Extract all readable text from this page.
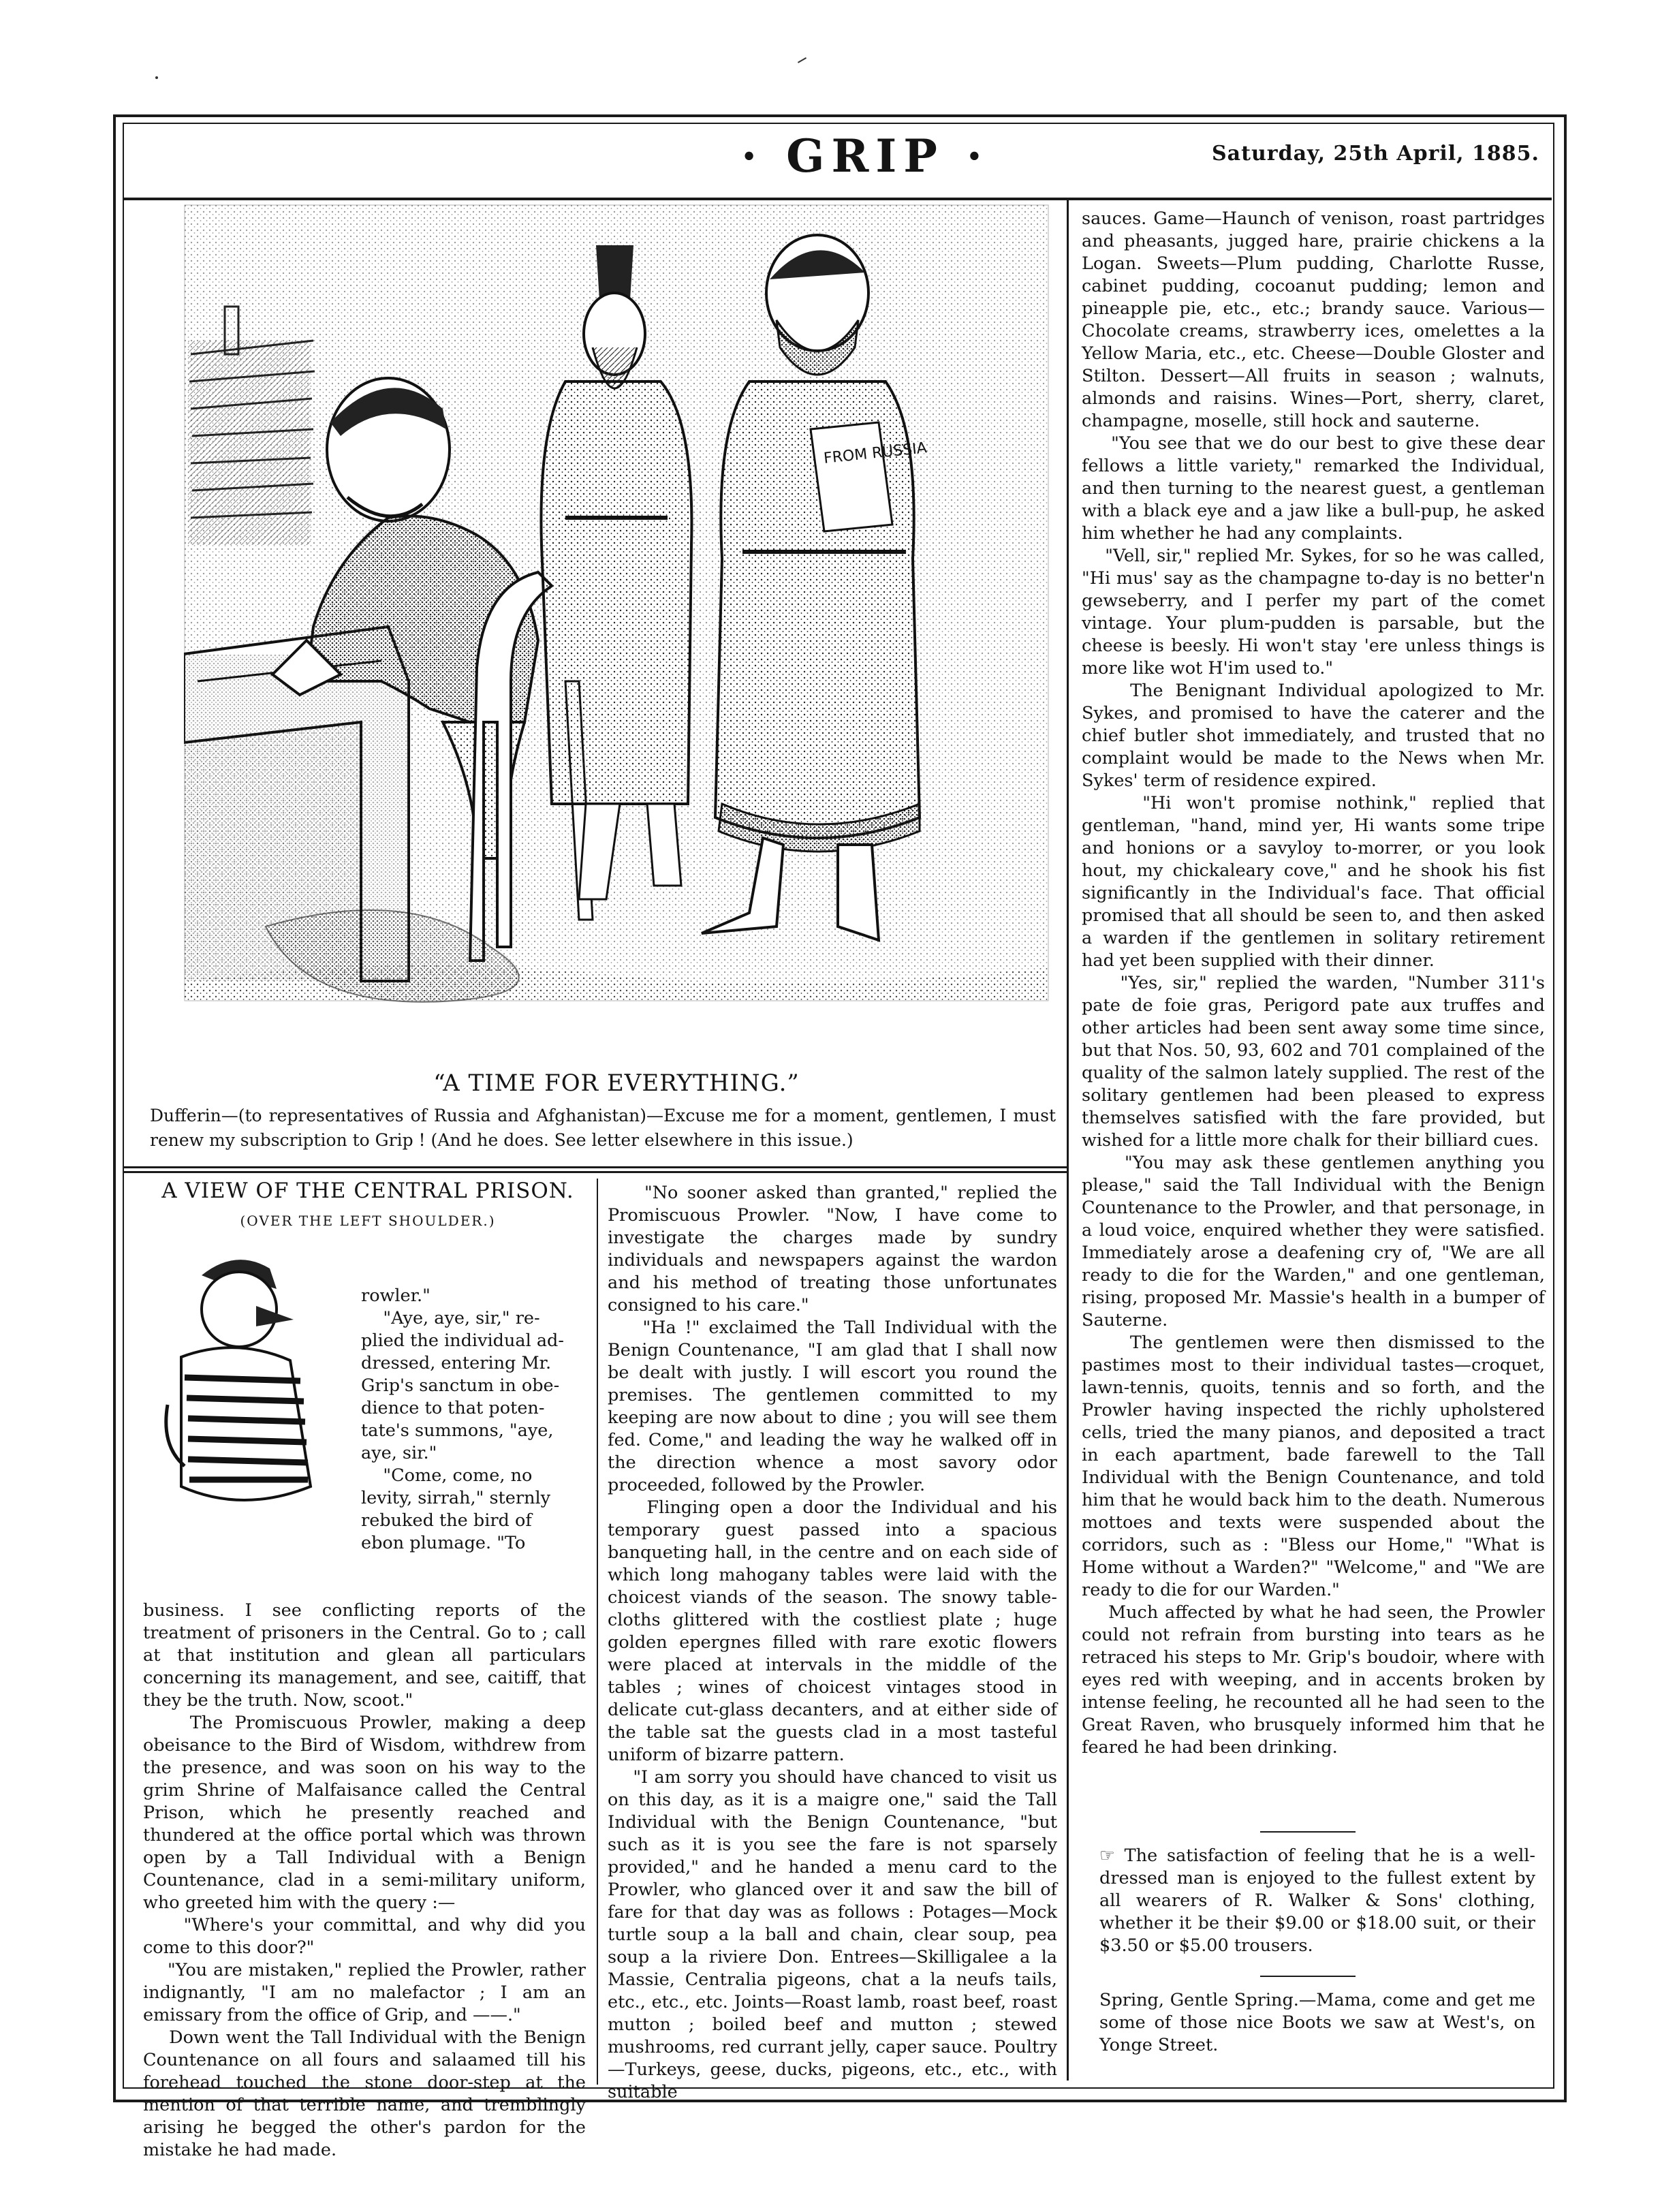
· GRIP ·	Saturday, 25th April, 1885.
FROM RUSSIA
“A TIME FOR EVERYTHING.”
Dufferin—(to representatives of Russia and Afghanistan)—Excuse me for a moment, gentlemen, I must renew my subscription to Grip ! (And he does. See letter elsewhere in this issue.)
A VIEW OF THE CENTRAL PRISON.
(OVER THE LEFT SHOULDER.)

rowler."
"Aye, aye, sir," re-
plied the individual ad-
dressed, entering Mr.
Grip's sanctum in obe-
dience to that poten-
tate's summons, "aye,
aye, sir."
"Come, come, no
levity, sirrah," sternly
rebuked the bird of
ebon plumage. "To

business. I see conflicting reports of the treatment of prisoners in the Central. Go to ; call at that institution and glean all particulars concerning its management, and see, caitiff, that they be the truth. Now, scoot."
The Promiscuous Prowler, making a deep obeisance to the Bird of Wisdom, withdrew from the presence, and was soon on his way to the grim Shrine of Malfaisance called the Central Prison, which he presently reached and thundered at the office portal which was thrown open by a Tall Individual with a Benign Countenance, clad in a semi-military uniform, who greeted him with the query :—
"Where's your committal, and why did you come to this door?"
"You are mistaken," replied the Prowler, rather indignantly, "I am no malefactor ; I am an emissary from the office of Grip, and ——."
Down went the Tall Individual with the Benign Countenance on all fours and salaamed till his forehead touched the stone door-step at the mention of that terrible name, and tremblingly arising he begged the other's pardon for the mistake he had made.

"No sooner asked than granted," replied the Promiscuous Prowler. "Now, I have come to investigate the charges made by sundry individuals and newspapers against the wardon and his method of treating those unfortunates consigned to his care."
"Ha !" exclaimed the Tall Individual with the Benign Countenance, "I am glad that I shall now be dealt with justly. I will escort you round the premises. The gentlemen committed to my keeping are now about to dine ; you will see them fed. Come," and leading the way he walked off in the direction whence a most savory odor proceeded, followed by the Prowler.
Flinging open a door the Individual and his temporary guest passed into a spacious banqueting hall, in the centre and on each side of which long mahogany tables were laid with the choicest viands of the season. The snowy table-cloths glittered with the costliest plate ; huge golden epergnes filled with rare exotic flowers were placed at intervals in the middle of the tables ; wines of choicest vintages stood in delicate cut-glass decanters, and at either side of the table sat the guests clad in a most tasteful uniform of bizarre pattern.
"I am sorry you should have chanced to visit us on this day, as it is a maigre one," said the Tall Individual with the Benign Countenance, "but such as it is you see the fare is not sparsely provided," and he handed a menu card to the Prowler, who glanced over it and saw the bill of fare for that day was as follows : Potages—Mock turtle soup a la ball and chain, clear soup, pea soup a la riviere Don. Entrees—Skilligalee a la Massie, Centralia pigeons, chat a la neufs tails, etc., etc., etc. Joints—Roast lamb, roast beef, roast mutton ; boiled beef and mutton ; stewed mushrooms, red currant jelly, caper sauce. Poultry—Turkeys, geese, ducks, pigeons, etc., etc., with suitable
sauces. Game—Haunch of venison, roast partridges and pheasants, jugged hare, prairie chickens a la Logan. Sweets—Plum pudding, Charlotte Russe, cabinet pudding, cocoanut pudding; lemon and pineapple pie, etc., etc.; brandy sauce. Various—Chocolate creams, strawberry ices, omelettes a la Yellow Maria, etc., etc. Cheese—Double Gloster and Stilton. Dessert—All fruits in season ; walnuts, almonds and raisins. Wines—Port, sherry, claret, champagne, moselle, still hock and sauterne.
"You see that we do our best to give these dear fellows a little variety," remarked the Individual, and then turning to the nearest guest, a gentleman with a black eye and a jaw like a bull-pup, he asked him whether he had any complaints.
"Vell, sir," replied Mr. Sykes, for so he was called, "Hi mus' say as the champagne to-day is no better'n gewseberry, and I perfer my part of the comet vintage. Your plum-pudden is parsable, but the cheese is beesly. Hi won't stay 'ere unless things is more like wot H'im used to."
The Benignant Individual apologized to Mr. Sykes, and promised to have the caterer and the chief butler shot immediately, and trusted that no complaint would be made to the News when Mr. Sykes' term of residence expired.
"Hi won't promise nothink," replied that gentleman, "hand, mind yer, Hi wants some tripe and honions or a savyloy to-morrer, or you look hout, my chickaleary cove," and he shook his fist significantly in the Individual's face. That official promised that all should be seen to, and then asked a warden if the gentlemen in solitary retirement had yet been supplied with their dinner.
"Yes, sir," replied the warden, "Number 311's pate de foie gras, Perigord pate aux truffes and other articles had been sent away some time since, but that Nos. 50, 93, 602 and 701 complained of the quality of the salmon lately supplied. The rest of the solitary gentlemen had been pleased to express themselves satisfied with the fare provided, but wished for a little more chalk for their billiard cues.
"You may ask these gentlemen anything you please," said the Tall Individual with the Benign Countenance to the Prowler, and that personage, in a loud voice, enquired whether they were satisfied. Immediately arose a deafening cry of, "We are all ready to die for the Warden," and one gentleman, rising, proposed Mr. Massie's health in a bumper of Sauterne.
The gentlemen were then dismissed to the pastimes most to their individual tastes—croquet, lawn-tennis, quoits, tennis and so forth, and the Prowler having inspected the richly upholstered cells, tried the many pianos, and deposited a tract in each apartment, bade farewell to the Tall Individual with the Benign Countenance, and told him that he would back him to the death. Numerous mottoes and texts were suspended about the corridors, such as : "Bless our Home," "What is Home without a Warden?" "Welcome," and "We are ready to die for our Warden."
Much affected by what he had seen, the Prowler could not refrain from bursting into tears as he retraced his steps to Mr. Grip's boudoir, where with eyes red with weeping, and in accents broken by intense feeling, he recounted all he had seen to the Great Raven, who brusquely informed him that he feared he had been drinking.
☞ The satisfaction of feeling that he is a well-dressed man is enjoyed to the fullest extent by all wearers of R. Walker & Sons' clothing, whether it be their $9.00 or $18.00 suit, or their $3.50 or $5.00 trousers.
Spring, Gentle Spring.—Mama, come and get me some of those nice Boots we saw at West's, on Yonge Street.
